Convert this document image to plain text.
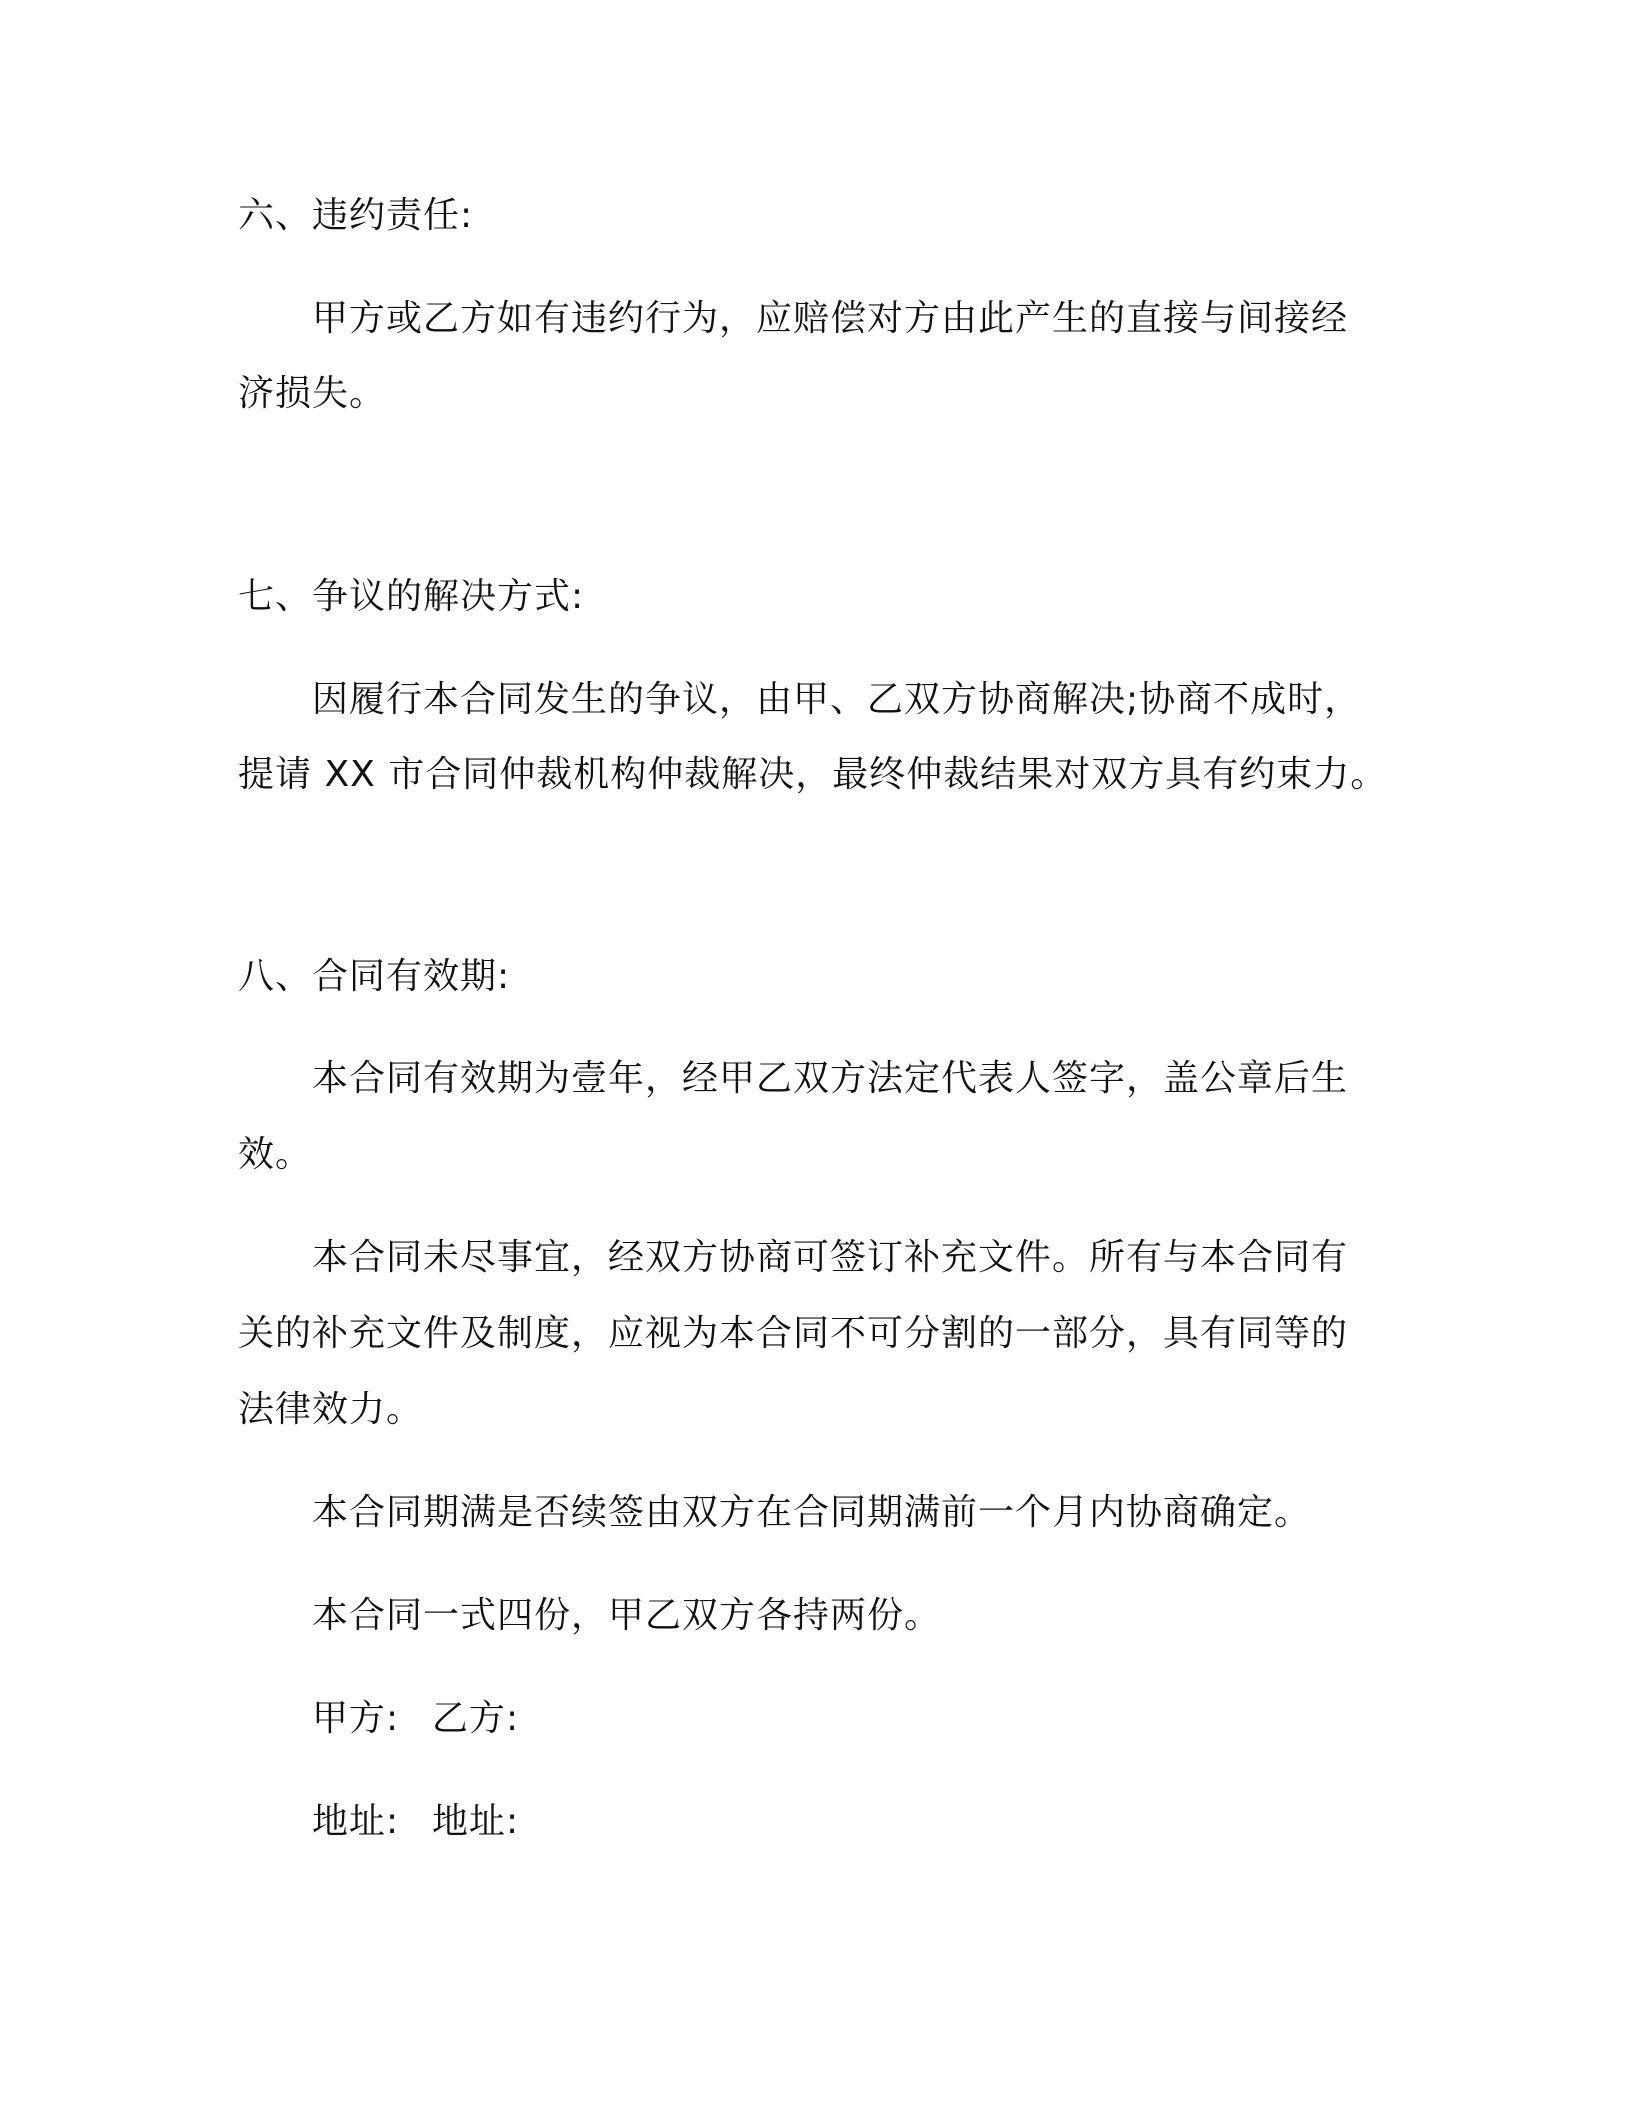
六、违约责任:
甲方或乙方如有违约行为，应赔偿对方由此产生的直接与间接经
济损失。
七、争议的解决方式:
因履行本合同发生的争议，由甲、乙双方协商解决;协商不成时，
提请 XX 市合同仲裁机构仲裁解决，最终仲裁结果对双方具有约束力。
八、合同有效期:
本合同有效期为壹年，经甲乙双方法定代表人签字，盖公章后生
效。
本合同未尽事宜，经双方协商可签订补充文件。所有与本合同有
关的补充文件及制度，应视为本合同不可分割的一部分，具有同等的
法律效力。
本合同期满是否续签由双方在合同期满前一个月内协商确定。
本合同一式四份，甲乙双方各持两份。
甲方: 乙方:
地址: 地址:
